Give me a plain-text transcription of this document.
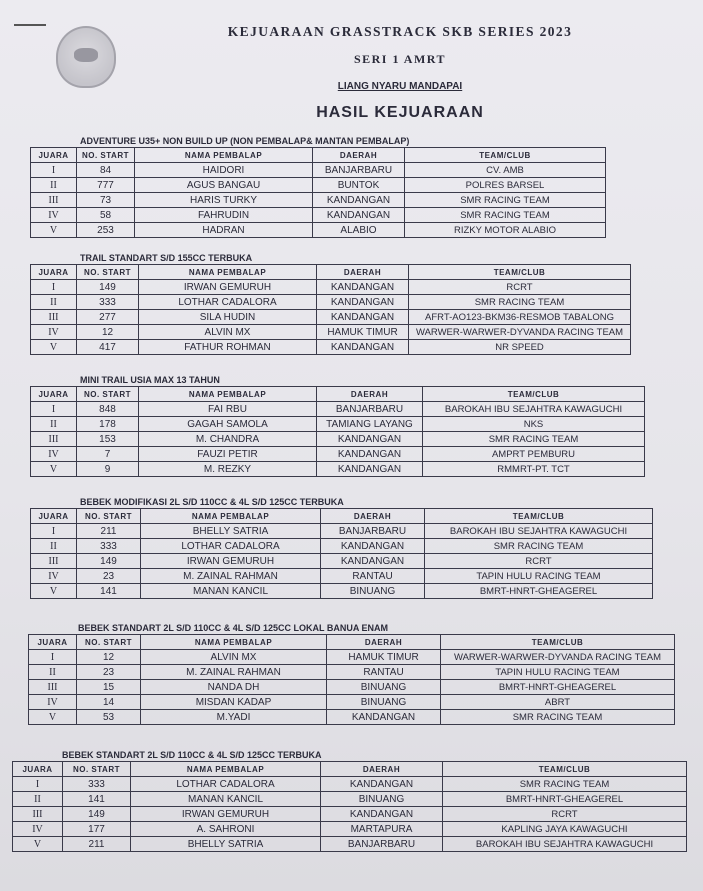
KEJUARAAN GRASSTRACK SKB SERIES 2023
SERI 1 AMRT
LIANG NYARU MANDAPAI
HASIL KEJUARAAN
ADVENTURE U35+ NON BUILD UP (NON PEMBALAP& MANTAN PEMBALAP)
JUARA	NO. START	NAMA PEMBALAP	DAERAH	TEAM/CLUB
I	84	HAIDORI	BANJARBARU	CV. AMB
II	777	AGUS BANGAU	BUNTOK	POLRES BARSEL
III	73	HARIS TURKY	KANDANGAN	SMR RACING TEAM
IV	58	FAHRUDIN	KANDANGAN	SMR RACING TEAM
V	253	HADRAN	ALABIO	RIZKY MOTOR ALABIO
TRAIL STANDART S/D 155CC TERBUKA
JUARA	NO. START	NAMA PEMBALAP	DAERAH	TEAM/CLUB
I	149	IRWAN GEMURUH	KANDANGAN	RCRT
II	333	LOTHAR CADALORA	KANDANGAN	SMR RACING TEAM
III	277	SILA HUDIN	KANDANGAN	AFRT-AO123-BKM36-RESMOB TABALONG
IV	12	ALVIN MX	HAMUK TIMUR	WARWER-WARWER-DYVANDA RACING TEAM
V	417	FATHUR ROHMAN	KANDANGAN	NR SPEED
MINI TRAIL USIA MAX 13 TAHUN
JUARA	NO. START	NAMA PEMBALAP	DAERAH	TEAM/CLUB
I	848	FAI RBU	BANJARBARU	BAROKAH IBU SEJAHTRA KAWAGUCHI
II	178	GAGAH SAMOLA	TAMIANG LAYANG	NKS
III	153	M. CHANDRA	KANDANGAN	SMR RACING TEAM
IV	7	FAUZI PETIR	KANDANGAN	AMPRT PEMBURU
V	9	M. REZKY	KANDANGAN	RMMRT-PT. TCT
BEBEK MODIFIKASI 2L S/D 110CC & 4L S/D 125CC TERBUKA
JUARA	NO. START	NAMA PEMBALAP	DAERAH	TEAM/CLUB
I	211	BHELLY SATRIA	BANJARBARU	BAROKAH IBU SEJAHTRA KAWAGUCHI
II	333	LOTHAR CADALORA	KANDANGAN	SMR RACING TEAM
III	149	IRWAN GEMURUH	KANDANGAN	RCRT
IV	23	M. ZAINAL RAHMAN	RANTAU	TAPIN HULU RACING TEAM
V	141	MANAN KANCIL	BINUANG	BMRT-HNRT-GHEAGEREL
BEBEK STANDART 2L S/D 110CC & 4L S/D 125CC LOKAL BANUA ENAM
JUARA	NO. START	NAMA PEMBALAP	DAERAH	TEAM/CLUB
I	12	ALVIN MX	HAMUK TIMUR	WARWER-WARWER-DYVANDA RACING TEAM
II	23	M. ZAINAL RAHMAN	RANTAU	TAPIN HULU RACING TEAM
III	15	NANDA DH	BINUANG	BMRT-HNRT-GHEAGEREL
IV	14	MISDAN KADAP	BINUANG	ABRT
V	53	M.YADI	KANDANGAN	SMR RACING TEAM
BEBEK STANDART 2L S/D 110CC & 4L S/D 125CC TERBUKA
JUARA	NO. START	NAMA PEMBALAP	DAERAH	TEAM/CLUB
I	333	LOTHAR CADALORA	KANDANGAN	SMR RACING TEAM
II	141	MANAN KANCIL	BINUANG	BMRT-HNRT-GHEAGEREL
III	149	IRWAN GEMURUH	KANDANGAN	RCRT
IV	177	A. SAHRONI	MARTAPURA	KAPLING JAYA KAWAGUCHI
V	211	BHELLY SATRIA	BANJARBARU	BAROKAH IBU SEJAHTRA KAWAGUCHI
